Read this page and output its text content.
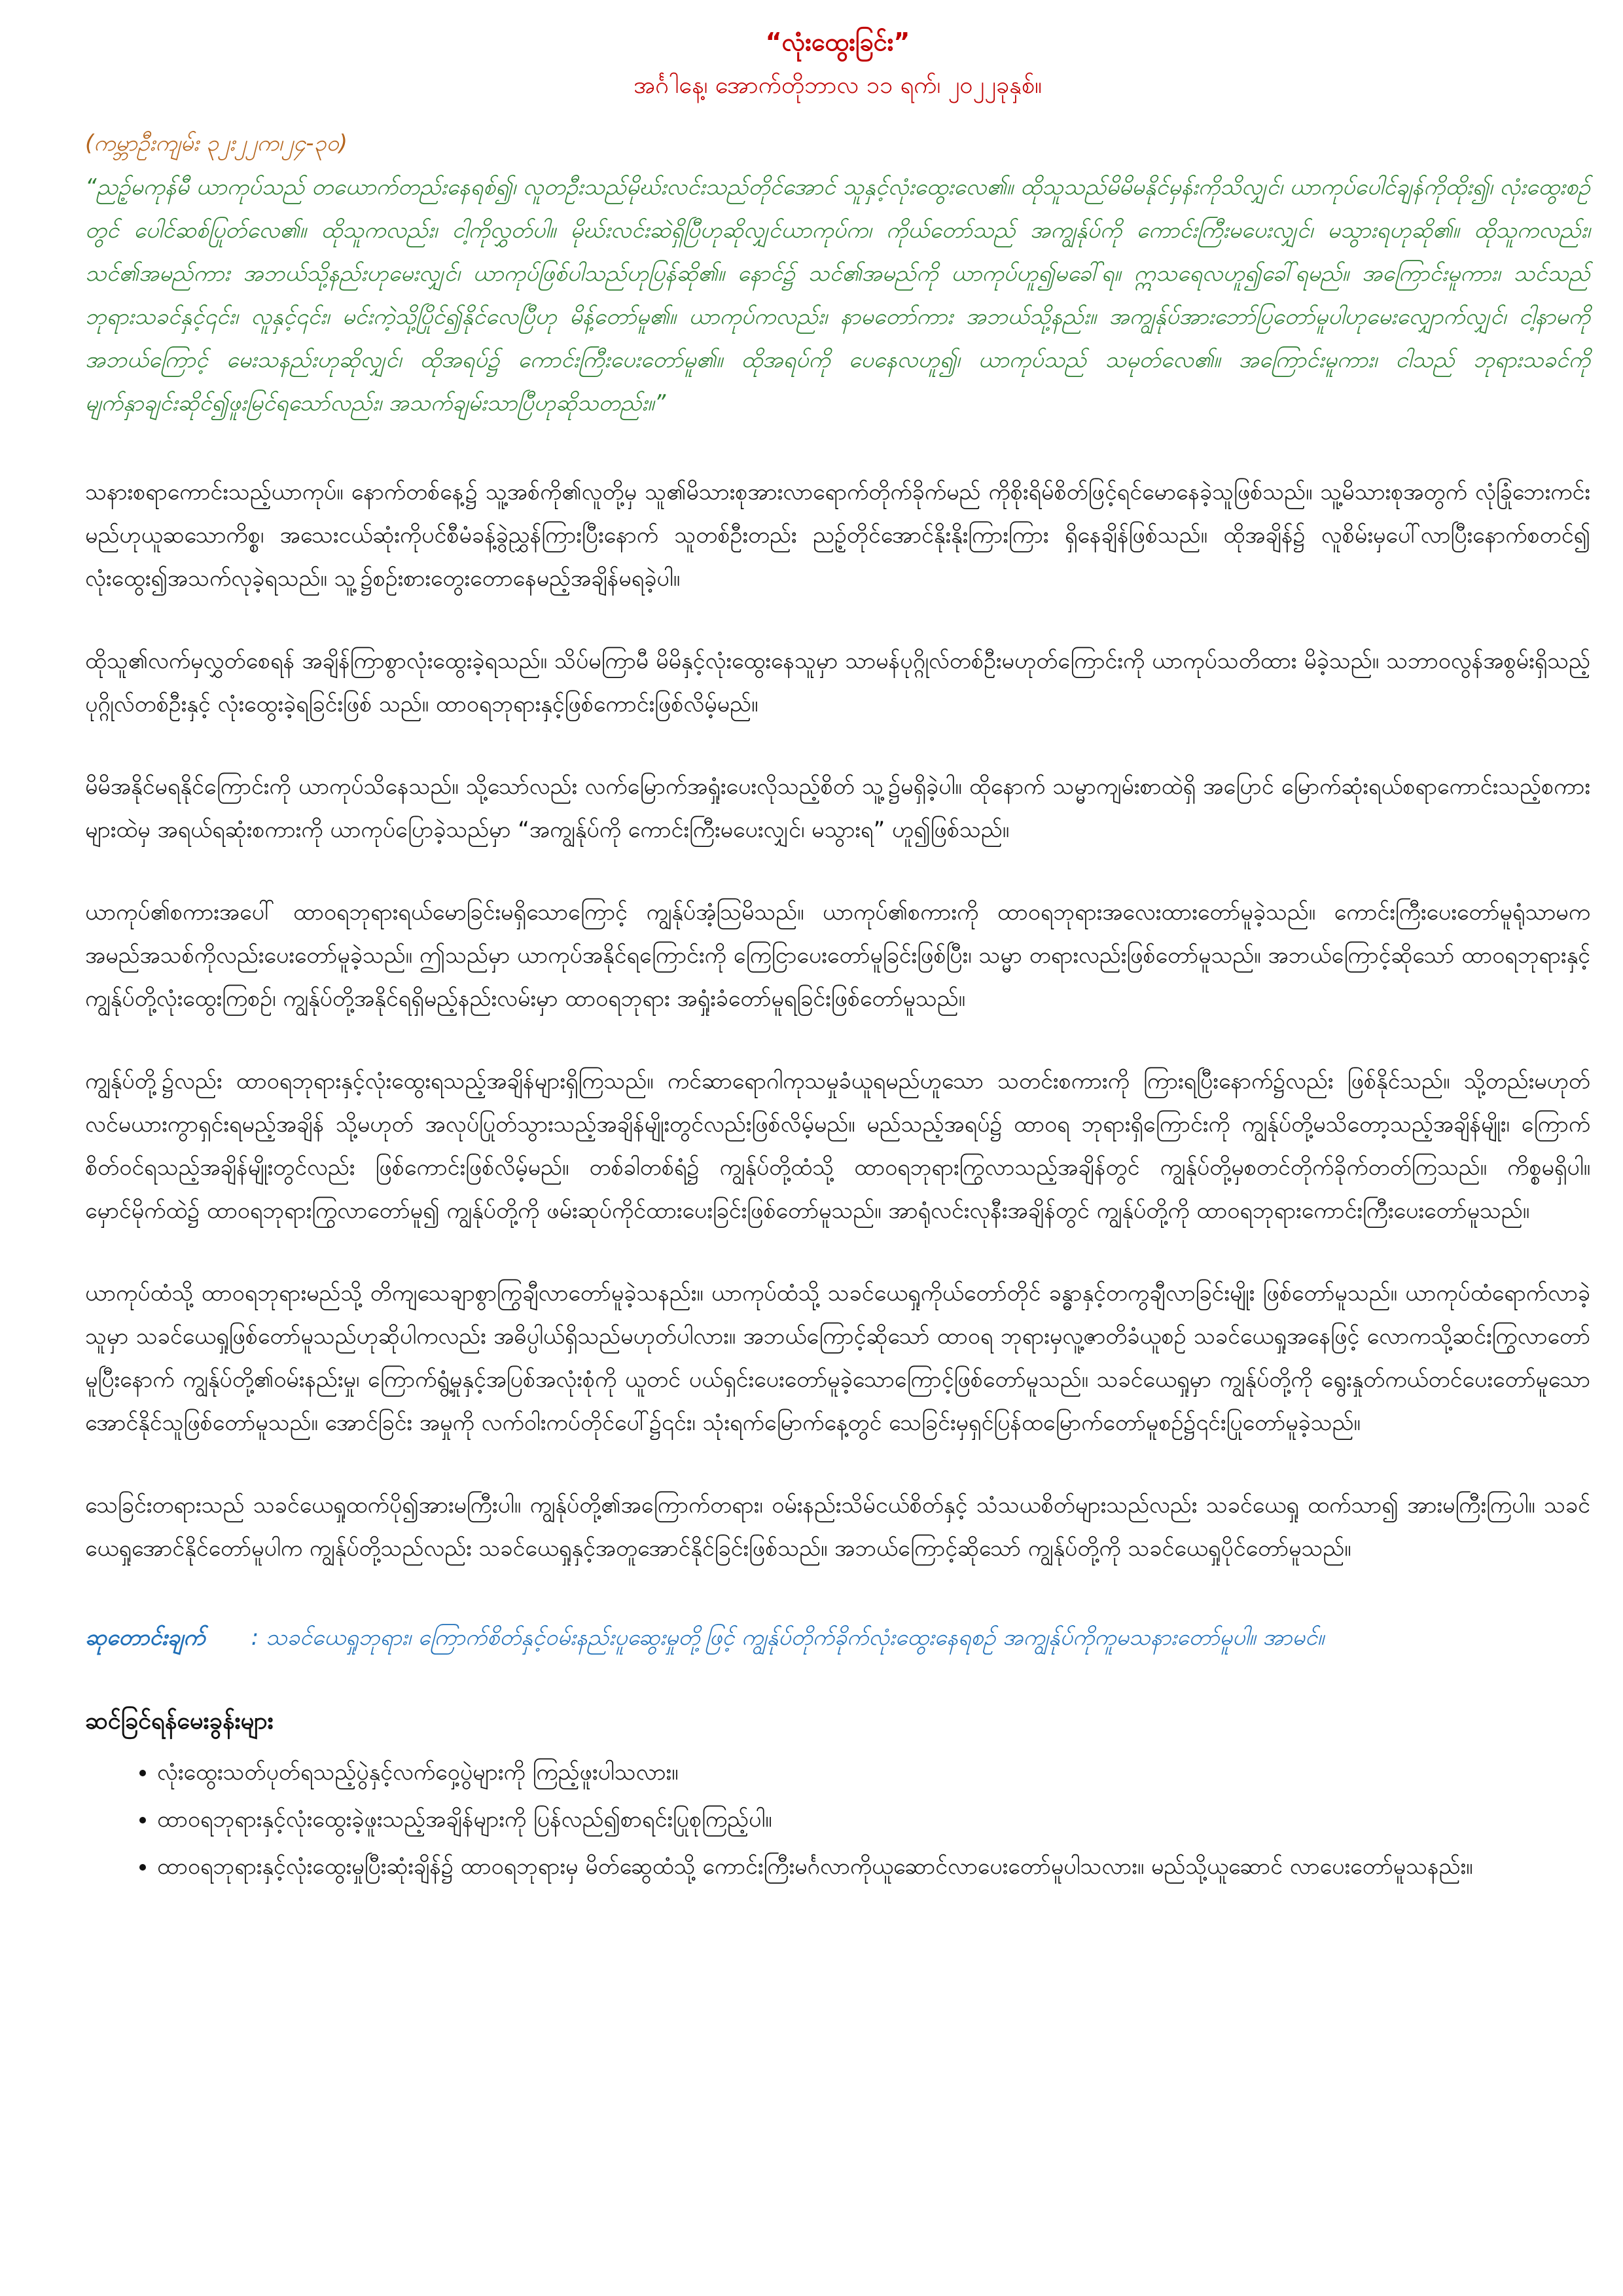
“လုံးထွေးခြင်း”
အင်္ဂါနေ့၊ အောက်တိုဘာလ ၁၁ ရက်၊ ၂၀၂၂ခုနှစ်။
(ကမ္ဘာဦးကျမ်း ၃၂း၂၂က၊၂၄-၃၀)
“ညဥ့်မကုန်မီ ယာကုပ်သည် တယောက်တည်းနေရစ်၍၊ လူတဦးသည်မိုဃ်းလင်းသည်တိုင်အောင် သူနှင့်လုံးထွေးလေ၏။ ထိုသူသည်မိမိမနိုင်မှန်းကိုသိလျှင်၊ ယာကုပ်ပေါင်ချန်ကိုထိုး၍၊ လုံးထွေးစဥ်တွင် ပေါင်ဆစ်ပြုတ်လေ၏။ ထိုသူကလည်း၊ ငါ့ကိုလွှတ်ပါ။ မိုဃ်းလင်းဆဲရှိပြီဟုဆိုလျှင်ယာကုပ်က၊ ကိုယ်တော်သည် အကျွန်ုပ်ကို ကောင်းကြီးမပေးလျှင်၊ မသွားရဟုဆို၏။ ထိုသူကလည်း၊ သင်၏အမည်ကား အဘယ်သို့နည်းဟုမေးလျှင်၊ ယာကုပ်ဖြစ်ပါသည်ဟုပြန်ဆို၏။ နောင်၌ သင်၏အမည်ကို ယာကုပ်ဟူ၍မခေါ်ရ။ ဣသရေလဟူ၍ခေါ်ရမည်။ အကြောင်းမူကား၊ သင်သည် ဘုရားသခင်နှင့်၎င်း၊ လူနှင့်၎င်း၊ မင်းကဲ့သို့ပြိုင်၍နိုင်လေပြီဟု မိန့်တော်မူ၏။ ယာကုပ်ကလည်း၊ နာမတော်ကား အဘယ်သို့နည်း။ အကျွန်ုပ်အားဘော်ပြတော်မူပါဟုမေးလျှောက်လျှင်၊ ငါ့နာမကို အဘယ်ကြောင့် မေးသနည်းဟုဆိုလျှင်၊ ထိုအရပ်၌ ကောင်းကြီးပေးတော်မူ၏။ ထိုအရပ်ကို ပေနေလဟူ၍၊ ယာကုပ်သည် သမုတ်လေ၏။ အကြောင်းမူကား၊ ငါသည် ဘုရားသခင်ကို မျက်နှာချင်းဆိုင်၍ဖူးမြင်ရသော်လည်း၊ အသက်ချမ်းသာပြီဟုဆိုသတည်း။”
သနားစရာကောင်းသည့်ယာကုပ်။ နောက်တစ်နေ့၌ သူ့အစ်ကို၏လူတို့မှ သူ၏မိသားစုအားလာရောက်တိုက်ခိုက်မည် ကိုစိုးရိမ်စိတ်ဖြင့်ရင်မောနေခဲ့သူဖြစ်သည်။ သူ့မိသားစုအတွက် လုံခြုံဘေးကင်းမည်ဟုယူဆသောကိစ္စ၊ အသေးငယ်ဆုံးကိုပင်စီမံခန့်ခွဲညွှန်ကြားပြီးနောက် သူတစ်ဦးတည်း ညဥ့်တိုင်အောင်နိုးနိုးကြားကြား ရှိနေချိန်ဖြစ်သည်။ ထိုအချိန်၌ လူစိမ်းမှပေါ်လာပြီးနောက်စတင်၍ လုံးထွေး၍အသက်လုခဲ့ရသည်။ သူ့၌စဥ်းစားတွေးတောနေမည့်အချိန်မရခဲ့ပါ။
ထိုသူ၏လက်မှလွှတ်စေရန် အချိန်ကြာစွာလုံးထွေးခဲ့ရသည်။ သိပ်မကြာမီ မိမိနှင့်လုံးထွေးနေသူမှာ သာမန်ပုဂ္ဂိုလ်တစ်ဦးမဟုတ်ကြောင်းကို ယာကုပ်သတိထား မိခဲ့သည်။ သဘာဝလွန်အစွမ်းရှိသည့်ပုဂ္ဂိုလ်တစ်ဦးနှင့် လုံးထွေးခဲ့ရခြင်းဖြစ် သည်။ ထာဝရဘုရားနှင့်ဖြစ်ကောင်းဖြစ်လိမ့်မည်။
မိမိအနိုင်မရနိုင်ကြောင်းကို ယာကုပ်သိနေသည်။ သို့သော်လည်း လက်မြောက်အရှုံးပေးလိုသည့်စိတ် သူ့၌မရှိခဲ့ပါ။ ထိုနောက် သမ္မာကျမ်းစာထဲရှိ အပြောင် မြောက်ဆုံးရယ်စရာကောင်းသည့်စကားများထဲမှ အရယ်ရဆုံးစကားကို ယာကုပ်ပြောခဲ့သည်မှာ “အကျွန်ုပ်ကို ကောင်းကြီးမပေးလျှင်၊ မသွားရ” ဟူ၍ဖြစ်သည်။
ယာကုပ်၏စကားအပေါ် ထာဝရဘုရားရယ်မောခြင်းမရှိသောကြောင့် ကျွန်ုပ်အံ့သြမိသည်။ ယာကုပ်၏စကားကို ထာဝရဘုရားအလေးထားတော်မူခဲ့သည်။ ကောင်းကြီးပေးတော်မူရုံသာမက အမည်အသစ်ကိုလည်းပေးတော်မူခဲ့သည်။ ဤသည်မှာ ယာကုပ်အနိုင်ရကြောင်းကို ကြေငြာပေးတော်မူခြင်းဖြစ်ပြီး၊ သမ္မာ တရားလည်းဖြစ်တော်မူသည်။ အဘယ်ကြောင့်ဆိုသော် ထာဝရဘုရားနှင့်ကျွန်ုပ်တို့လုံးထွေးကြစဉ်၊ ကျွန်ုပ်တို့အနိုင်ရရှိမည့်နည်းလမ်းမှာ ထာဝရဘုရား အရှုံးခံတော်မူရခြင်းဖြစ်တော်မူသည်။
ကျွန်ုပ်တို့၌လည်း ထာဝရဘုရားနှင့်လုံးထွေးရသည့်အချိန်များရှိကြသည်။ ကင်ဆာရောဂါကုသမှုခံယူရမည်ဟူသော သတင်းစကားကို ကြားရပြီးနောက်၌လည်း ဖြစ်နိုင်သည်။ သို့တည်းမဟုတ် လင်မယားကွာရှင်းရမည့်အချိန် သို့မဟုတ် အလုပ်ပြုတ်သွားသည့်အချိန်မျိုးတွင်လည်းဖြစ်လိမ့်မည်။ မည်သည့်အရပ်၌ ထာဝရ ဘုရားရှိကြောင်းကို ကျွန်ုပ်တို့မသိတော့သည့်အချိန်မျိုး၊ ကြောက်စိတ်ဝင်ရသည့်အချိန်မျိုးတွင်လည်း ဖြစ်ကောင်းဖြစ်လိမ့်မည်။ တစ်ခါတစ်ရံ၌ ကျွန်ုပ်တို့ထံသို့ ထာဝရဘုရားကြွလာသည့်အချိန်တွင် ကျွန်ုပ်တို့မှစတင်တိုက်ခိုက်တတ်ကြသည်။ ကိစ္စမရှိပါ။ မှောင်မိုက်ထဲ၌ ထာဝရဘုရားကြွလာတော်မူ၍ ကျွန်ုပ်တို့ကို ဖမ်းဆုပ်ကိုင်ထားပေးခြင်းဖြစ်တော်မူသည်။ အာရုံလင်းလုနီးအချိန်တွင် ကျွန်ုပ်တို့ကို ထာဝရဘုရားကောင်းကြီးပေးတော်မူသည်။
ယာကုပ်ထံသို့ ထာဝရဘုရားမည်သို့ တိကျသေချာစွာကြွချီလာတော်မူခဲ့သနည်း။ ယာကုပ်ထံသို့ သခင်ယေရှုကိုယ်တော်တိုင် ခန္ဓာနှင့်တကွချီလာခြင်းမျိုး ဖြစ်တော်မူသည်။ ယာကုပ်ထံရောက်လာခဲ့သူမှာ သခင်ယေရှုဖြစ်တော်မူသည်ဟုဆိုပါကလည်း အဓိပ္ပါယ်ရှိသည်မဟုတ်ပါလား။ အဘယ်ကြောင့်ဆိုသော် ထာဝရ ဘုရားမှလူ့ဇာတိခံယူစဥ် သခင်ယေရှုအနေဖြင့် လောကသို့ဆင်းကြွလာတော်မူပြီးနောက် ကျွန်ုပ်တို့၏ဝမ်းနည်းမှု၊ ကြောက်ရွံ့မှုနှင့်အပြစ်အလုံးစုံကို ယူတင် ပယ်ရှင်းပေးတော်မူခဲ့သောကြောင့်ဖြစ်တော်မူသည်။ သခင်ယေရှုမှာ ကျွန်ုပ်တို့ကို ရွေးနှုတ်ကယ်တင်ပေးတော်မူသော အောင်နိုင်သူဖြစ်တော်မူသည်။ အောင်ခြင်း အမှုကို လက်ဝါးကပ်တိုင်ပေါ်၌၎င်း၊ သုံးရက်မြောက်နေ့တွင် သေခြင်းမှရှင်ပြန်ထမြောက်တော်မူစဥ်၌၎င်းပြုတော်မူခဲ့သည်။
သေခြင်းတရားသည် သခင်ယေရှုထက်ပို၍အားမကြီးပါ။ ကျွန်ုပ်တို့၏အကြောက်တရား၊ ဝမ်းနည်းသိမ်ငယ်စိတ်နှင့် သံသယစိတ်များသည်လည်း သခင်ယေရှု ထက်သာ၍ အားမကြီးကြပါ။ သခင်ယေရှုအောင်နိုင်တော်မူပါက ကျွန်ုပ်တို့သည်လည်း သခင်ယေရှုနှင့်အတူအောင်နိုင်ခြင်းဖြစ်သည်။ အဘယ်ကြောင့်ဆိုသော် ကျွန်ုပ်တို့ကို သခင်ယေရှုပိုင်တော်မူသည်။
ဆုတောင်းချက် : သခင်ယေရှုဘုရား၊ ကြောက်စိတ်နှင့်ဝမ်းနည်းပူဆွေးမှုတို့ဖြင့် ကျွန်ုပ်တိုက်ခိုက်လုံးထွေးနေရစဥ် အကျွန်ုပ်ကိုကူမသနားတော်မူပါ။ အာမင်။
ဆင်ခြင်ရန်မေးခွန်းများ
• လုံးထွေးသတ်ပုတ်ရသည့်ပွဲနှင့်လက်ဝှေ့ပွဲများကို ကြည့်ဖူးပါသလား။
• ထာဝရဘုရားနှင့်လုံးထွေးခဲ့ဖူးသည့်အချိန်များကို ပြန်လည်၍စာရင်းပြုစုကြည့်ပါ။
• ထာဝရဘုရားနှင့်လုံးထွေးမှုပြီးဆုံးချိန်၌ ထာဝရဘုရားမှ မိတ်ဆွေထံသို့ ကောင်းကြီးမင်္ဂလာကိုယူဆောင်လာပေးတော်မူပါသလား။ မည်သို့ယူဆောင် လာပေးတော်မူသနည်း။
